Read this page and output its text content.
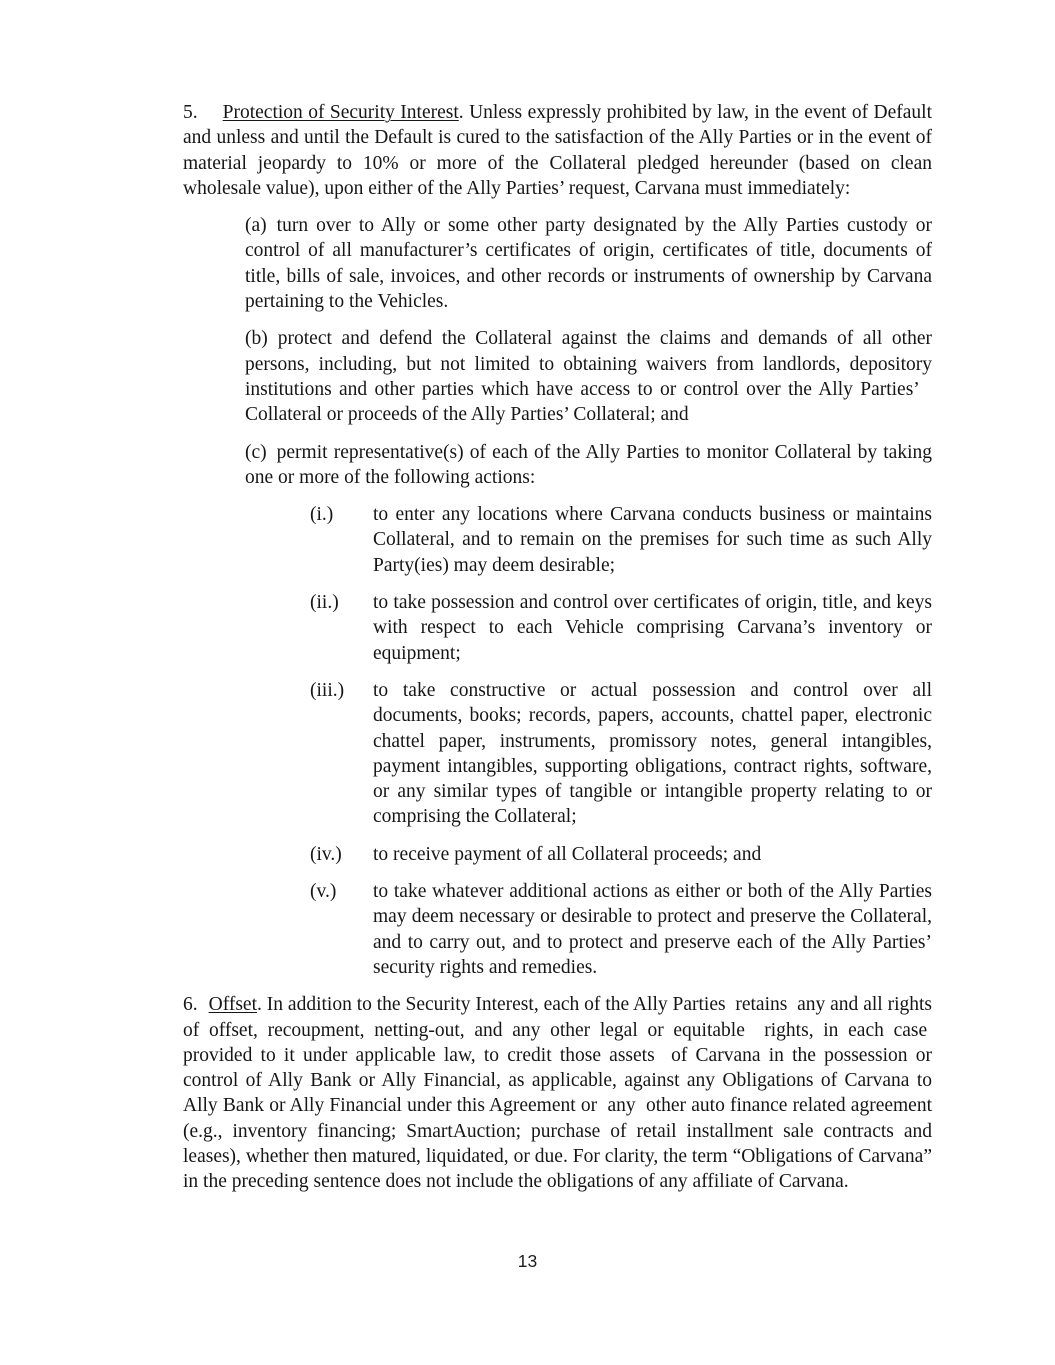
5. Protection of Security Interest. Unless expressly prohibited by law, in the event of Default and unless and until the Default is cured to the satisfaction of the Ally Parties or in the event of material jeopardy to 10% or more of the Collateral pledged hereunder (based on clean wholesale value), upon either of the Ally Parties’ request, Carvana must immediately:

(a) turn over to Ally or some other party designated by the Ally Parties custody or control of all manufacturer’s certificates of origin, certificates of title, documents of title, bills of sale, invoices, and other records or instruments of ownership by Carvana pertaining to the Vehicles.

(b) protect and defend the Collateral against the claims and demands of all other persons, including, but not limited to obtaining waivers from landlords, depository institutions and other parties which have access to or control over the Ally Parties’   Collateral or proceeds of the Ally Parties’ Collateral; and

(c) permit representative(s) of each of the Ally Parties to monitor Collateral by taking one or more of the following actions:

(i.)	to enter any locations where Carvana conducts business or maintains Collateral, and to remain on the premises for such time as such Ally Party(ies) may deem desirable;

(ii.)	to take possession and control over certificates of origin, title, and keys with respect to each Vehicle comprising Carvana’s inventory or equipment;

(iii.)	to take constructive or actual possession and control over all documents, books; records, papers, accounts, chattel paper, electronic chattel paper, instruments, promissory notes, general intangibles, payment intangibles, supporting obligations, contract rights, software, or any similar types of tangible or intangible property relating to or comprising the Collateral;

(iv.)	to receive payment of all Collateral proceeds; and

(v.)	to take whatever additional actions as either or both of the Ally Parties may deem necessary or desirable to protect and preserve the Collateral, and to carry out, and to protect and preserve each of the Ally Parties’ security rights and remedies.

6. Offset. In addition to the Security Interest, each of the Ally Parties  retains  any and all rights of offset, recoupment, netting-out, and any other legal or equitable  rights, in each case  provided to it under applicable law, to credit those assets  of Carvana in the possession or control of Ally Bank or Ally Financial, as applicable, against any Obligations of Carvana to Ally Bank or Ally Financial under this Agreement or  any  other auto finance related agreement (e.g., inventory financing; SmartAuction; purchase of retail installment sale contracts and leases), whether then matured, liquidated, or due. For clarity, the term “Obligations of Carvana” in the preceding sentence does not include the obligations of any affiliate of Carvana.

13
